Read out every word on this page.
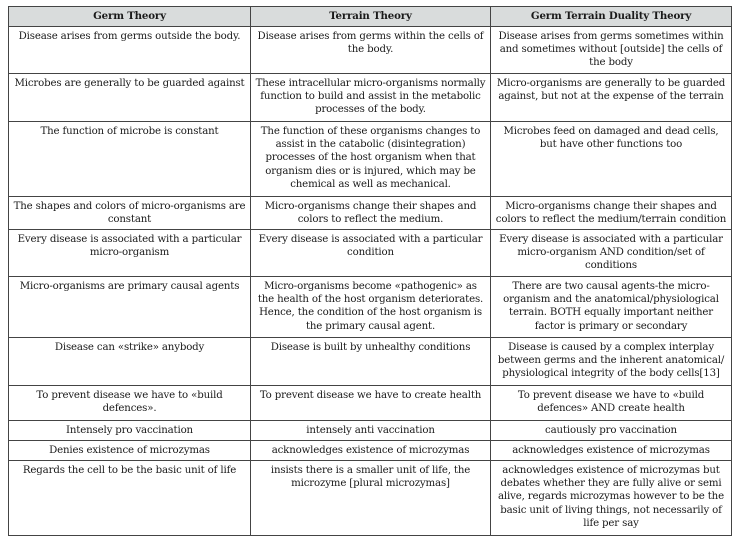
Germ Theory	Terrain Theory	Germ Terrain Duality Theory
Disease arises from germs outside the body.	Disease arises from germs within the cells of the body.	Disease arises from germs sometimes within and sometimes without [outside] the cells of the body
Microbes are generally to be guarded against	These intracellular micro-organisms normally function to build and assist in the metabolic processes of the body.	Micro-organisms are generally to be guarded against, but not at the expense of the terrain
The function of microbe is constant	The function of these organisms changes to assist in the catabolic (disintegration) processes of the host organism when that organism dies or is injured, which may be chemical as well as mechanical.	Microbes feed on damaged and dead cells, but have other functions too
The shapes and colors of micro-organisms are constant	Micro-organisms change their shapes and colors to reflect the medium.	Micro-organisms change their shapes and colors to reflect the medium/terrain condition
Every disease is associated with a particular micro-organism	Every disease is associated with a particular condition	Every disease is associated with a particular micro-organism AND condition/set of conditions
Micro-organisms are primary causal agents	Micro-organisms become «pathogenic» as the health of the host organism deteriorates. Hence, the condition of the host organism is the primary causal agent.	There are two causal agents-the micro-organism and the anatomical/physiological terrain. BOTH equally important neither factor is primary or secondary
Disease can «strike» anybody	Disease is built by unhealthy conditions	Disease is caused by a complex interplay between germs and the inherent anatomical/ physiological integrity of the body cells[13]
To prevent disease we have to «build defences».	To prevent disease we have to create health	To prevent disease we have to «build defences» AND create health
Intensely pro vaccination	intensely anti vaccination	cautiously pro vaccination
Denies existence of microzymas	acknowledges existence of microzymas	acknowledges existence of microzymas
Regards the cell to be the basic unit of life	insists there is a smaller unit of life, the microzyme [plural microzymas]	acknowledges existence of microzymas but debates whether they are fully alive or semi alive, regards microzymas however to be the basic unit of living things, not necessarily of life per say
